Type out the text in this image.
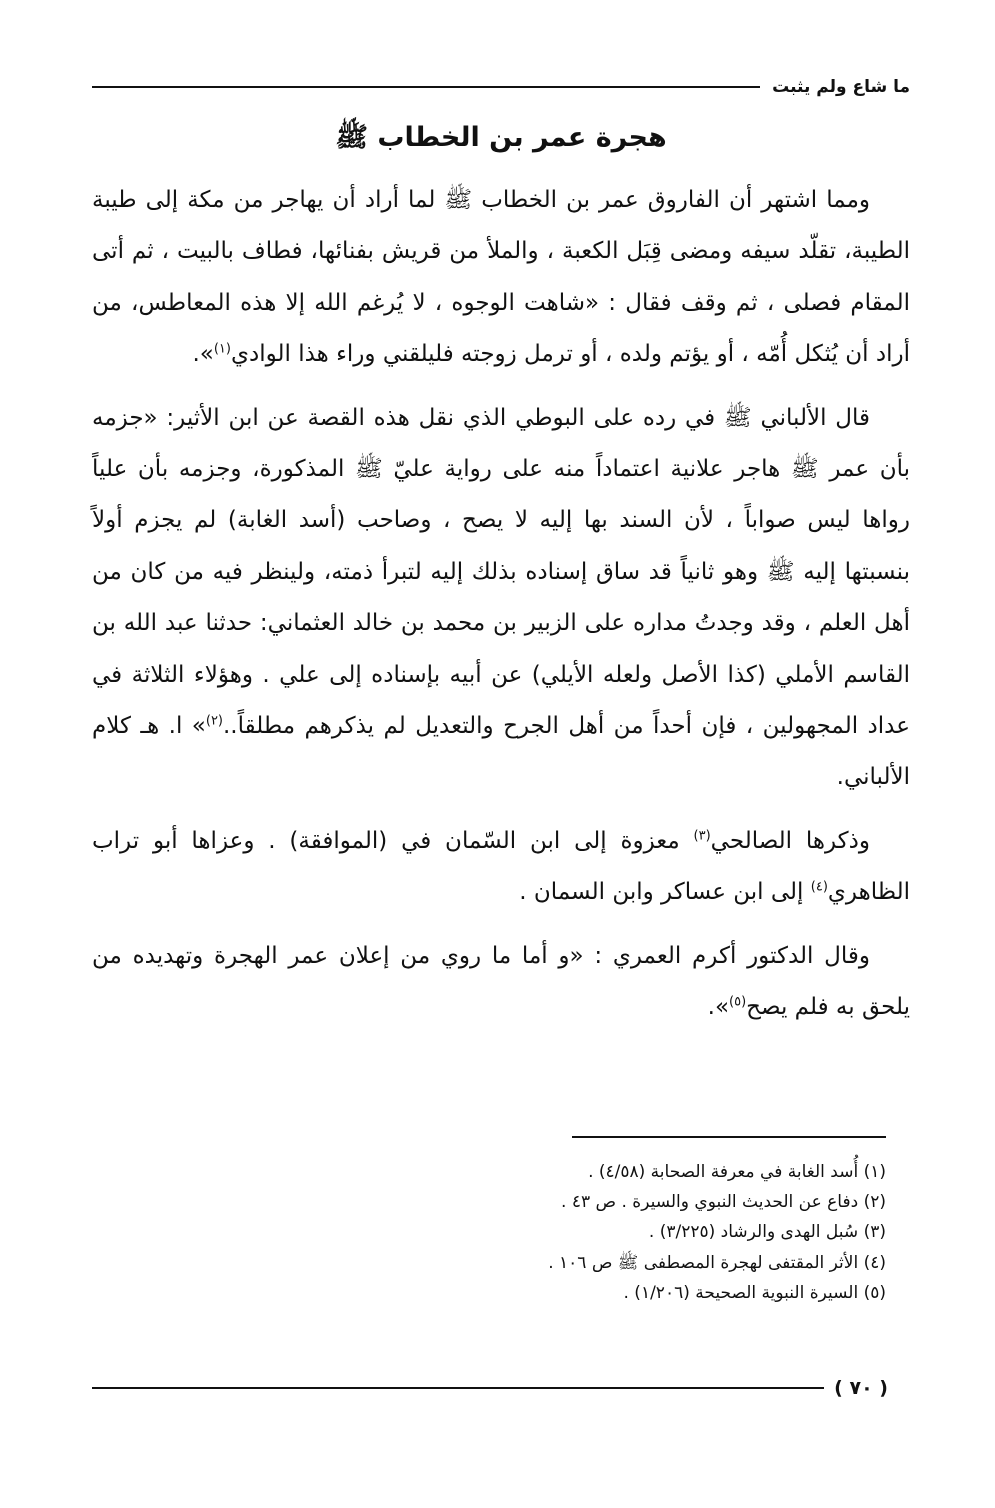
ما شاع ولم يثبت
هجرة عمر بن الخطاب ﷺ

ومما اشتهر أن الفاروق عمر بن الخطاب ﷺ لما أراد أن يهاجر من مكة إلى طيبة الطيبة، تقلّد سيفه ومضى قِبَل الكعبة ، والملأ من قريش بفنائها، فطاف بالبيت ، ثم أتى المقام فصلى ، ثم وقف فقال : «شاهت الوجوه ، لا يُرغم الله إلا هذه المعاطس، من أراد أن يُثكل أُمّه ، أو يؤتم ولده ، أو ترمل زوجته فليلقني وراء هذا الوادي$^{(١)}$».

قال الألباني ﷺ في رده على البوطي الذي نقل هذه القصة عن ابن الأثير: «جزمه بأن عمر ﷺ هاجر علانية اعتماداً منه على رواية عليّ ﷺ المذكورة، وجزمه بأن علياً رواها ليس صواباً ، لأن السند بها إليه لا يصح ، وصاحب (أسد الغابة) لم يجزم أولاً بنسبتها إليه ﷺ وهو ثانياً قد ساق إسناده بذلك إليه لتبرأ ذمته، ولينظر فيه من كان من أهل العلم ، وقد وجدتُ مداره على الزبير بن محمد بن خالد العثماني: حدثنا عبد الله بن القاسم الأملي (كذا الأصل ولعله الأيلي) عن أبيه بإسناده إلى علي . وهؤلاء الثلاثة في عداد المجهولين ، فإن أحداً من أهل الجرح والتعديل لم يذكرهم مطلقاً..$^{(٢)}$» ا. هـ كلام الألباني.

وذكرها الصالحي$^{(٣)}$ معزوة إلى ابن السّمان في (الموافقة) . وعزاها أبو تراب الظاهري$^{(٤)}$ إلى ابن عساكر وابن السمان .

وقال الدكتور أكرم العمري : «و أما ما روي من إعلان عمر الهجرة وتهديده من يلحق به فلم يصح$^{(٥)}$».

(١) أُسد الغابة في معرفة الصحابة (٤/٥٨) .

(٢) دفاع عن الحديث النبوي والسيرة . ص ٤٣ .

(٣) سُبل الهدى والرشاد (٣/٢٢٥) .

(٤) الأثر المقتفى لهجرة المصطفى ﷺ ص ١٠٦ .

(٥) السيرة النبوية الصحيحة (١/٢٠٦) .

( ٧٠ )
